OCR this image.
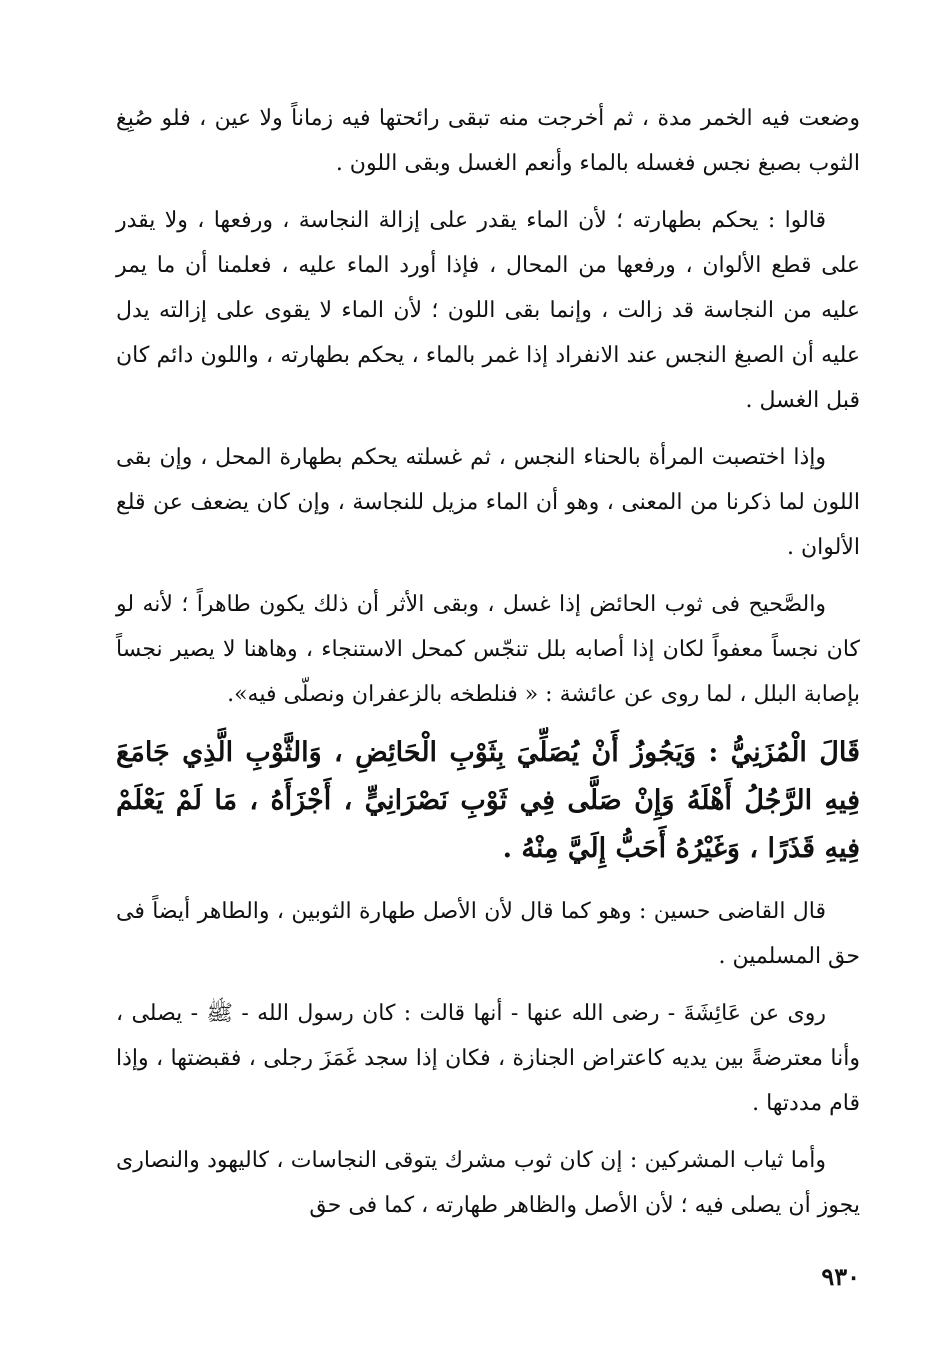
وضعت فيه الخمر مدة ، ثم أخرجت منه تبقى رائحتها فيه زماناً ولا عين ، فلو صُبِغ الثوب بصبغ نجس فغسله بالماء وأنعم الغسل وبقى اللون .

قالوا : يحكم بطهارته ؛ لأن الماء يقدر على إزالة النجاسة ، ورفعها ، ولا يقدر على قطع الألوان ، ورفعها من المحال ، فإذا أورد الماء عليه ، فعلمنا أن ما يمر عليه من النجاسة قد زالت ، وإنما بقى اللون ؛ لأن الماء لا يقوى على إزالته يدل عليه أن الصبغ النجس عند الانفراد إذا غمر بالماء ، يحكم بطهارته ، واللون دائم كان قبل الغسل .

وإذا اختصبت المرأة بالحناء النجس ، ثم غسلته يحكم بطهارة المحل ، وإن بقى اللون لما ذكرنا من المعنى ، وهو أن الماء مزيل للنجاسة ، وإن كان يضعف عن قلع الألوان .

والصَّحيح فى ثوب الحائض إذا غسل ، وبقى الأثر أن ذلك يكون طاهراً ؛ لأنه لو كان نجساً معفواً لكان إذا أصابه بلل تنجّس كمحل الاستنجاء ، وهاهنا لا يصير نجساً بإصابة البلل ، لما روى عن عائشة : « فنلطخه بالزعفران ونصلّى فيه».

قَالَ الْمُزَنِيُّ : وَيَجُوزُ أَنْ يُصَلِّيَ بِثَوْبِ الْحَائِضِ ، وَالثَّوْبِ الَّذِي جَامَعَ فِيهِ الرَّجُلُ أَهْلَهُ وَإِنْ صَلَّى فِي ثَوْبِ نَصْرَانِيٍّ ، أَجْزَأَهُ ، مَا لَمْ يَعْلَمْ فِيهِ قَذَرًا ، وَغَيْرُهُ أَحَبُّ إِلَيَّ مِنْهُ .

قال القاضى حسين : وهو كما قال لأن الأصل طهارة الثوبين ، والطاهر أيضاً فى حق المسلمين .

روى عن عَائِشَةَ - رضى الله عنها - أنها قالت : كان رسول الله - ﷺ - يصلى ، وأنا معترضةً بين يديه كاعتراض الجنازة ، فكان إذا سجد غَمَزَ رجلى ، فقبضتها ، وإذا قام مددتها .

وأما ثياب المشركين : إن كان ثوب مشرك يتوقى النجاسات ، كاليهود والنصارى يجوز أن يصلى فيه ؛ لأن الأصل والظاهر طهارته ، كما فى حق

٩٣٠
